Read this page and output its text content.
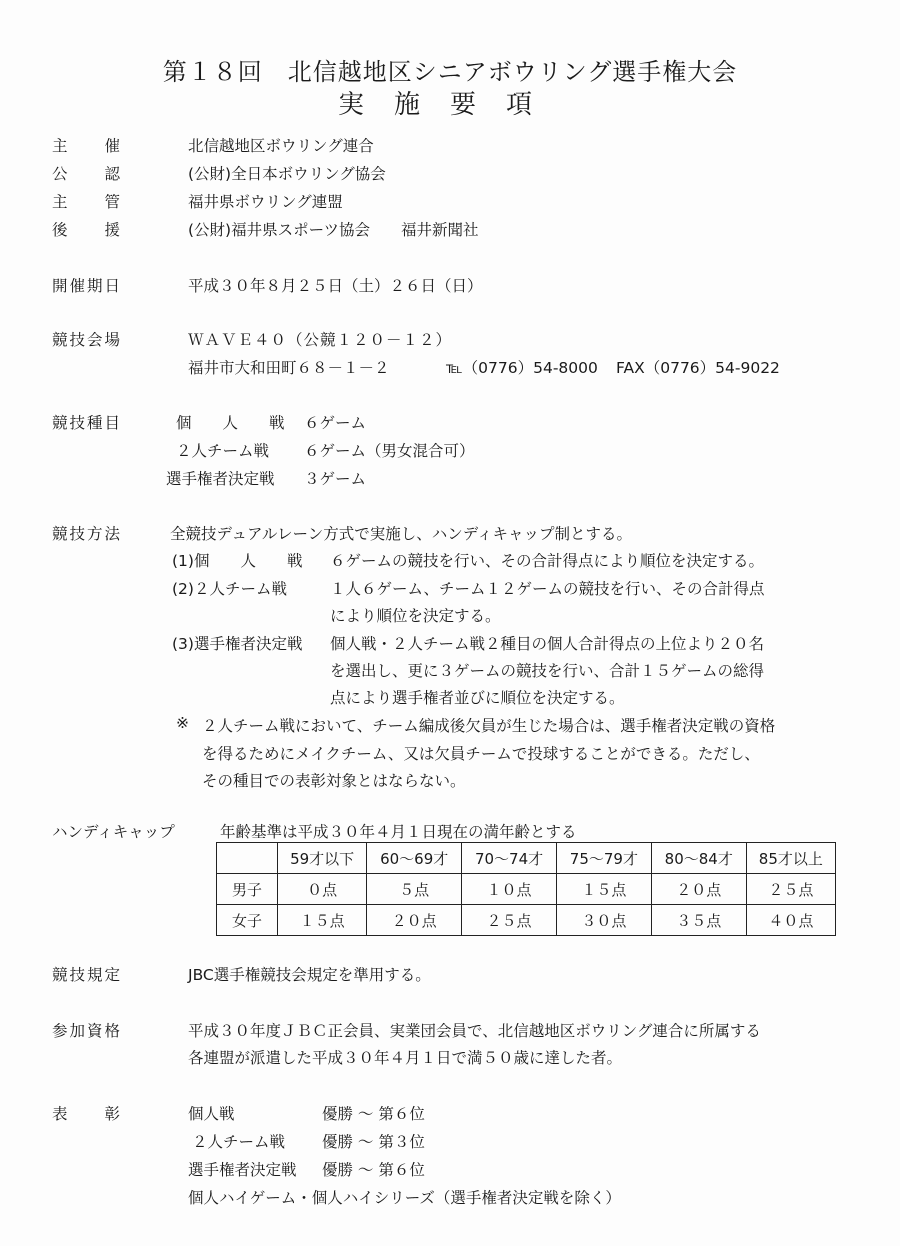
第１８回　北信越地区シニアボウリング選手権大会
実施要項
主　　催	北信越地区ボウリング連合
公　　認	(公財)全日本ボウリング協会
主　　管	福井県ボウリング連盟
後　　援	(公財)福井県スポーツ協会　　福井新聞社
開催期日	平成３０年８月２５日（土）２６日（日）
競技会場	ＷＡＶＥ４０（公競１２０－１２）
福井市大和田町６８－１－２	℡（0776）54-8000 FAX（0776）54-9022
競技種目	個　　人　　戦 ６ゲーム
２人チーム戦 ６ゲーム（男女混合可）
選手権者決定戦 ３ゲーム
競技方法	全競技デュアルレーン方式で実施し、ハンディキャップ制とする。
(1)個　　人　　戦 ６ゲームの競技を行い、その合計得点により順位を決定する。
(2)２人チーム戦	１人６ゲーム、チーム１２ゲームの競技を行い、その合計得点
により順位を決定する。
(3)選手権者決定戦 個人戦・２人チーム戦２種目の個人合計得点の上位より２０名
を選出し、更に３ゲームの競技を行い、合計１５ゲームの総得
点により選手権者並びに順位を決定する。
※ ２人チーム戦において、チーム編成後欠員が生じた場合は、選手権者決定戦の資格
を得るためにメイクチーム、又は欠員チームで投球することができる。ただし、
その種目での表彰対象とはならない。
ハンディキャップ	年齢基準は平成３０年４月１日現在の満年齢とする
	59才以下	60～69才	70～74才	75～79才	80～84才	85才以上
男子	０点	５点	１０点	１５点	２０点	２５点
女子	１５点	２０点	２５点	３０点	３５点	４０点
競技規定	JBC選手権競技会規定を準用する。
参加資格	平成３０年度ＪＢＣ正会員、実業団会員で、北信越地区ボウリング連合に所属する
各連盟が派遣した平成３０年４月１日で満５０歳に達した者。
表　　彰	個人戦	優勝 ～ 第６位
２人チーム戦 優勝 ～ 第３位
選手権者決定戦 優勝 ～ 第６位
個人ハイゲーム・個人ハイシリーズ（選手権者決定戦を除く）
